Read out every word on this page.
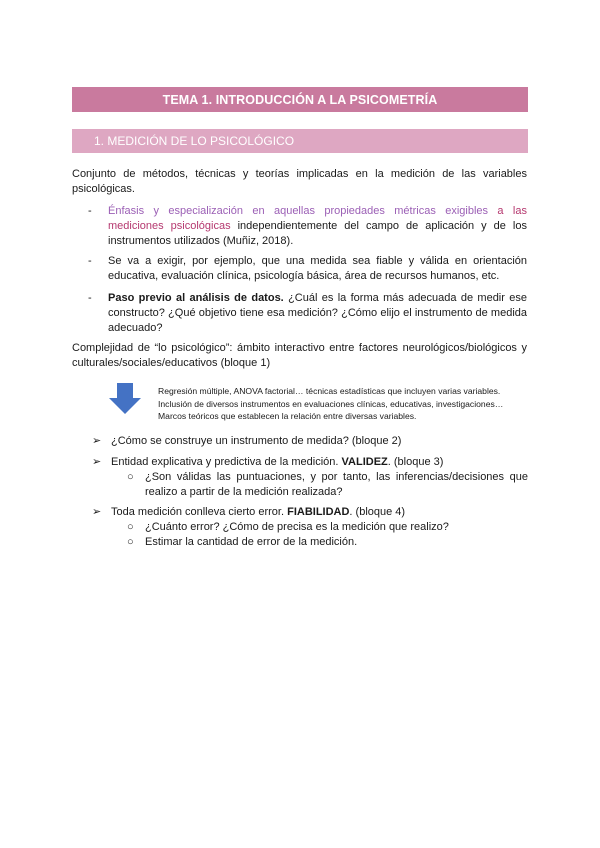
TEMA 1. INTRODUCCIÓN A LA PSICOMETRÍA
1. MEDICIÓN DE LO PSICOLÓGICO
Conjunto de métodos, técnicas y teorías implicadas en la medición de las variables psicológicas.
- Énfasis y especialización en aquellas propiedades métricas exigibles a las mediciones psicológicas independientemente del campo de aplicación y de los instrumentos utilizados (Muñiz, 2018).
- Se va a exigir, por ejemplo, que una medida sea fiable y válida en orientación educativa, evaluación clínica, psicología básica, área de recursos humanos, etc.
- Paso previo al análisis de datos. ¿Cuál es la forma más adecuada de medir ese constructo? ¿Qué objetivo tiene esa medición? ¿Cómo elijo el instrumento de medida adecuado?
Complejidad de “lo psicológico”: ámbito interactivo entre factores neurológicos/biológicos y culturales/sociales/educativos (bloque 1)
Regresión múltiple, ANOVA factorial… técnicas estadísticas que incluyen varias variables.
Inclusión de diversos instrumentos en evaluaciones clínicas, educativas, investigaciones…
Marcos teóricos que establecen la relación entre diversas variables.
➢ ¿Cómo se construye un instrumento de medida? (bloque 2)
➢ Entidad explicativa y predictiva de la medición. VALIDEZ. (bloque 3)
○ ¿Son válidas las puntuaciones, y por tanto, las inferencias/decisiones que realizo a partir de la medición realizada?
➢ Toda medición conlleva cierto error. FIABILIDAD. (bloque 4)
○ ¿Cuánto error? ¿Cómo de precisa es la medición que realizo?
○ Estimar la cantidad de error de la medición.
